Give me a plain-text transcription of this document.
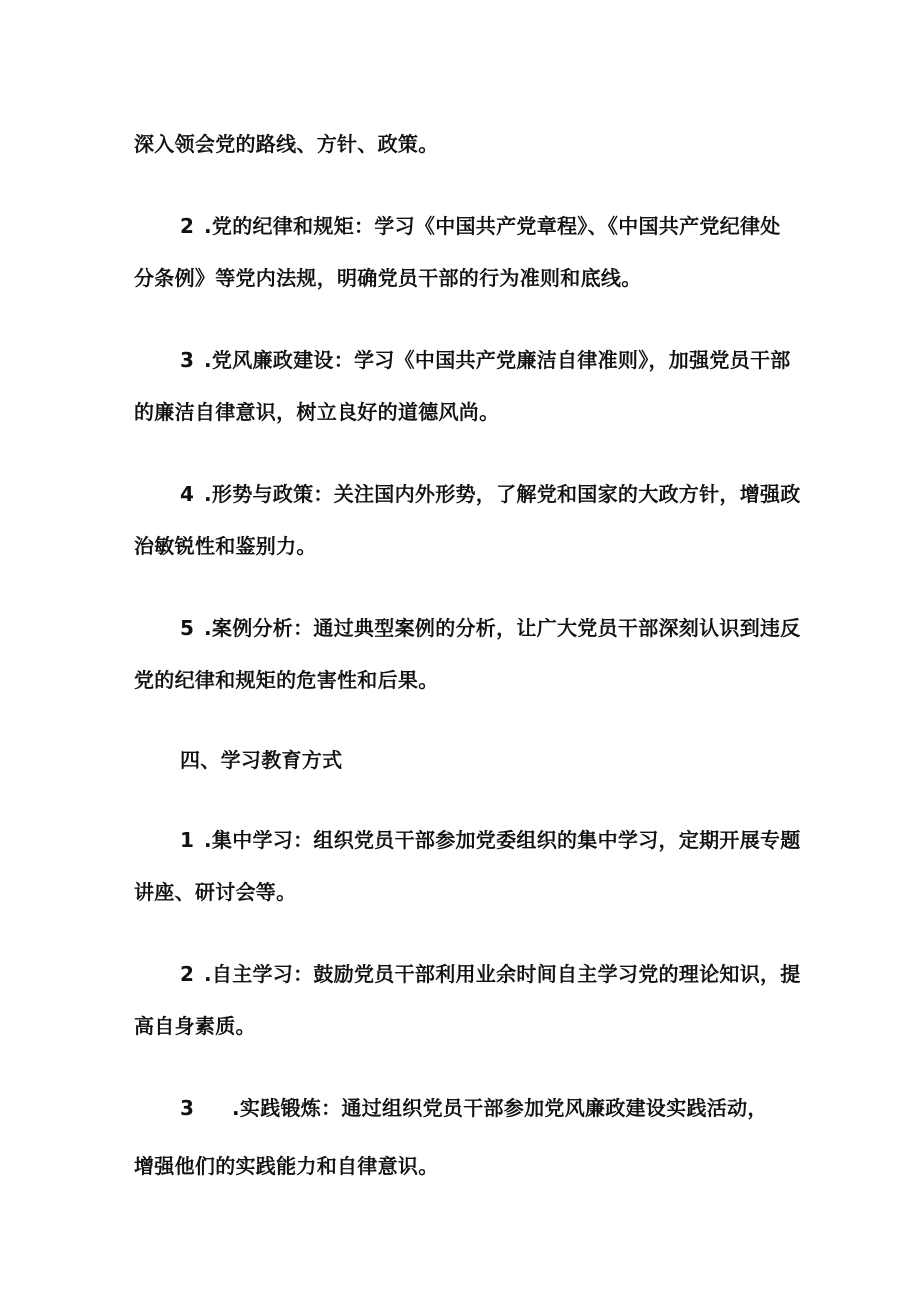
深入领会党的路线、方针、政策。
2 .党的纪律和规矩：学习《中国共产党章程》、《中国共产党纪律处
分条例》等党内法规，明确党员干部的行为准则和底线。
3 .党风廉政建设：学习《中国共产党廉洁自律准则》，加强党员干部
的廉洁自律意识，树立良好的道德风尚。
4 .形势与政策：关注国内外形势，了解党和国家的大政方针，增强政
治敏锐性和鉴别力。
5 .案例分析：通过典型案例的分析，让广大党员干部深刻认识到违反
党的纪律和规矩的危害性和后果。
四、学习教育方式
1 .集中学习：组织党员干部参加党委组织的集中学习，定期开展专题
讲座、研讨会等。
2 .自主学习：鼓励党员干部利用业余时间自主学习党的理论知识，提
高自身素质。
3 .实践锻炼：通过组织党员干部参加党风廉政建设实践活动，
增强他们的实践能力和自律意识。
